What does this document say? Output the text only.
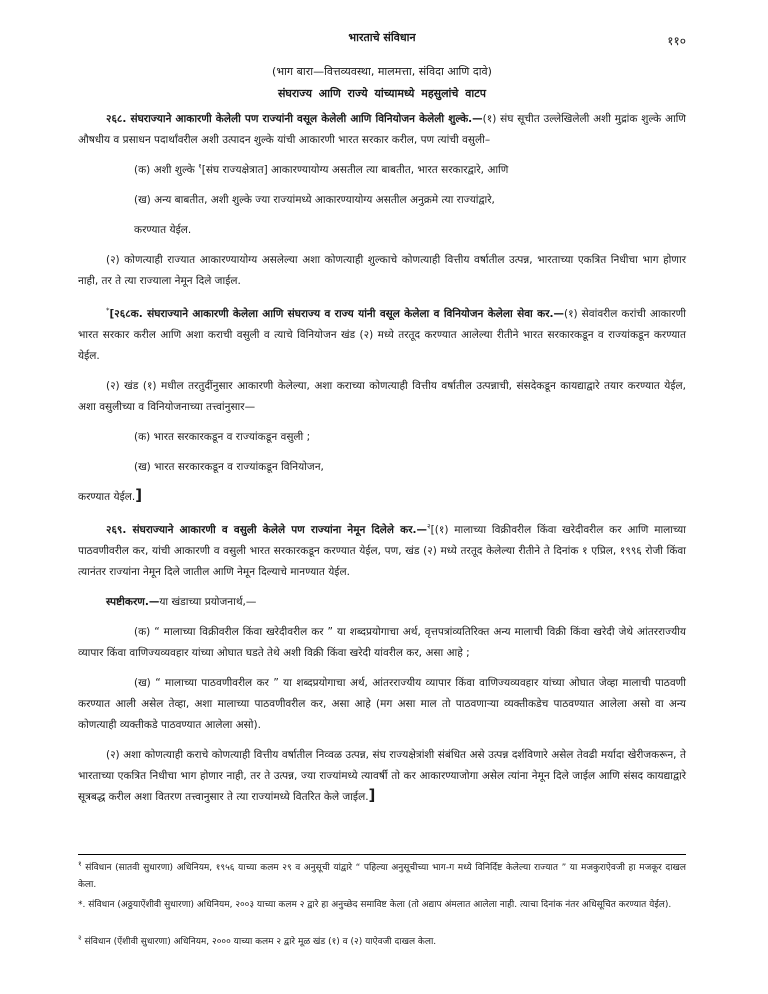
भारताचे संविधान	११०
(भाग बारा—वित्तव्यवस्था, मालमत्ता, संविदा आणि दावे)
संघराज्य आणि राज्ये यांच्यामध्ये महसुलांचे वाटप

२६८. संघराज्याने आकारणी केलेली पण राज्यांनी वसूल केलेली आणि विनियोजन केलेली शुल्के.—(१) संघ सूचीत उल्लेखिलेली अशी मुद्रांक शुल्के आणि औषधीय व प्रसाधन पदार्थांवरील अशी उत्पादन शुल्के यांची आकारणी भारत सरकार करील, पण त्यांची वसुली–

(क) अशी शुल्के $^१$[संघ राज्यक्षेत्रात] आकारण्यायोग्य असतील त्या बाबतीत, भारत सरकारद्वारे, आणि

(ख) अन्य बाबतीत, अशी शुल्के ज्या राज्यांमध्ये आकारण्यायोग्य असतील अनुक्रमे त्या राज्यांद्वारे,

करण्यात येईल.

(२) कोणत्याही राज्यात आकारण्यायोग्य असलेल्या अशा कोणत्याही शुल्काचे कोणत्याही वित्तीय वर्षातील उत्पन्न, भारताच्या एकत्रित निधीचा भाग होणार नाही, तर ते त्या राज्याला नेमून दिले जाईल.

*[२६८क. संघराज्याने आकारणी केलेला आणि संघराज्य व राज्य यांनी वसूल केलेला व विनियोजन केलेला सेवा कर.—(१) सेवांवरील करांची आकारणी भारत सरकार करील आणि अशा कराची वसुली व त्याचे विनियोजन खंड (२) मध्ये तरतूद करण्यात आलेल्या रीतीने भारत सरकारकडून व राज्यांकडून करण्यात येईल.

(२) खंड (१) मधील तरतुदींनुसार आकारणी केलेल्या, अशा कराच्या कोणत्याही वित्तीय वर्षातील उत्पन्नाची, संसदेकडून कायद्याद्वारे तयार करण्यात येईल, अशा वसुलीच्या व विनियोजनाच्या तत्त्वांनुसार—

(क) भारत सरकारकडून व राज्यांकडून वसुली ;

(ख) भारत सरकारकडून व राज्यांकडून विनियोजन,

करण्यात येईल.]

२६९. संघराज्याने आकारणी व वसुली केलेले पण राज्यांना नेमून दिलेले कर.—$^२$[(१) मालाच्या विक्रीवरील किंवा खरेदीवरील कर आणि मालाच्या पाठवणीवरील कर, यांची आकारणी व वसुली भारत सरकारकडून करण्यात येईल, पण, खंड (२) मध्ये तरतूद केलेल्या रीतीने ते दिनांक १ एप्रिल, १९९६ रोजी किंवा त्यानंतर राज्यांना नेमून दिले जातील आणि नेमून दिल्याचे मानण्यात येईल.

स्पष्टीकरण.—या खंडाच्या प्रयोजनार्थ,—

(क) “ मालाच्या विक्रीवरील किंवा खरेदीवरील कर ” या शब्दप्रयोगाचा अर्थ, वृत्तपत्रांव्यतिरिक्त अन्य मालाची विक्री किंवा खरेदी जेथे आंतरराज्यीय व्यापार किंवा वाणिज्यव्यवहार यांच्या ओघात घडते तेथे अशी विक्री किंवा खरेदी यांवरील कर, असा आहे ;

(ख) “ मालाच्या पाठवणीवरील कर ” या शब्दप्रयोगाचा अर्थ, आंतरराज्यीय व्यापार किंवा वाणिज्यव्यवहार यांच्या ओघात जेव्हा मालाची पाठवणी करण्यात आली असेल तेव्हा, अशा मालाच्या पाठवणीवरील कर, असा आहे (मग असा माल तो पाठवणाऱ्या व्यक्तीकडेच पाठवण्यात आलेला असो वा अन्य कोणत्याही व्यक्तीकडे पाठवण्यात आलेला असो).

(२) अशा कोणत्याही कराचे कोणत्याही वित्तीय वर्षातील निव्वळ उत्पन्न, संघ राज्यक्षेत्रांशी संबंधित असे उत्पन्न दर्शविणारे असेल तेवढी मर्यादा खेरीजकरून, ते भारताच्या एकत्रित निधीचा भाग होणार नाही, तर ते उत्पन्न, ज्या राज्यांमध्ये त्यावर्षी तो कर आकारण्याजोगा असेल त्यांना नेमून दिले जाईल आणि संसद कायद्याद्वारे सूत्रबद्ध करील अशा वितरण तत्त्वानुसार ते त्या राज्यांमध्ये वितरित केले जाईल.]

$^१$ संविधान (सातवी सुधारणा) अधिनियम, १९५६ याच्या कलम २९ व अनुसूची यांद्वारे “ पहिल्या अनुसूचीच्या भाग-ग मध्ये विनिर्दिष्ट केलेल्या राज्यात ” या मजकुराऐवजी हा मजकूर दाखल केला.
*. संविधान (अठ्ठयाऐंशीवी सुधारणा) अधिनियम, २००३ याच्या कलम २ द्वारे हा अनुच्छेद समाविष्ट केला (तो अद्याप अंमलात आलेला नाही. त्याचा दिनांक नंतर अधिसूचित करण्यात येईल).
$^२$ संविधान (ऐंशीवी सुधारणा) अधिनियम, २००० याच्या कलम २ द्वारे मूळ खंड (१) व (२) याऐवजी दाखल केला.
